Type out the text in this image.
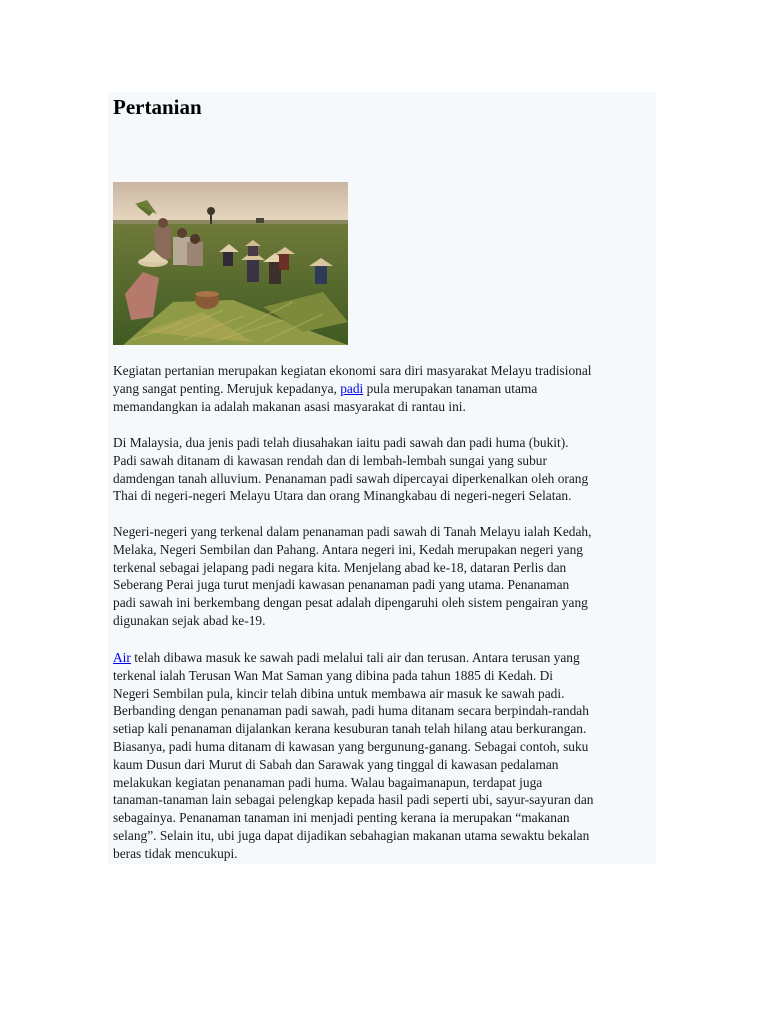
Pertanian

Kegiatan pertanian merupakan kegiatan ekonomi sara diri masyarakat Melayu tradisional
yang sangat penting. Merujuk kepadanya, padi pula merupakan tanaman utama
memandangkan ia adalah makanan asasi masyarakat di rantau ini.

Di Malaysia, dua jenis padi telah diusahakan iaitu padi sawah dan padi huma (bukit).
Padi sawah ditanam di kawasan rendah dan di lembah-lembah sungai yang subur
damdengan tanah alluvium. Penanaman padi sawah dipercayai diperkenalkan oleh orang
Thai di negeri-negeri Melayu Utara dan orang Minangkabau di negeri-negeri Selatan.

Negeri-negeri yang terkenal dalam penanaman padi sawah di Tanah Melayu ialah Kedah,
Melaka, Negeri Sembilan dan Pahang. Antara negeri ini, Kedah merupakan negeri yang
terkenal sebagai jelapang padi negara kita. Menjelang abad ke-18, dataran Perlis dan
Seberang Perai juga turut menjadi kawasan penanaman padi yang utama. Penanaman
padi sawah ini berkembang dengan pesat adalah dipengaruhi oleh sistem pengairan yang
digunakan sejak abad ke-19.

Air telah dibawa masuk ke sawah padi melalui tali air dan terusan. Antara terusan yang
terkenal ialah Terusan Wan Mat Saman yang dibina pada tahun 1885 di Kedah. Di
Negeri Sembilan pula, kincir telah dibina untuk membawa air masuk ke sawah padi.
Berbanding dengan penanaman padi sawah, padi huma ditanam secara berpindah-randah
setiap kali penanaman dijalankan kerana kesuburan tanah telah hilang atau berkurangan.
Biasanya, padi huma ditanam di kawasan yang bergunung-ganang. Sebagai contoh, suku
kaum Dusun dari Murut di Sabah dan Sarawak yang tinggal di kawasan pedalaman
melakukan kegiatan penanaman padi huma. Walau bagaimanapun, terdapat juga
tanaman-tanaman lain sebagai pelengkap kepada hasil padi seperti ubi, sayur-sayuran dan
sebagainya. Penanaman tanaman ini menjadi penting kerana ia merupakan “makanan
selang”. Selain itu, ubi juga dapat dijadikan sebahagian makanan utama sewaktu bekalan
beras tidak mencukupi.
